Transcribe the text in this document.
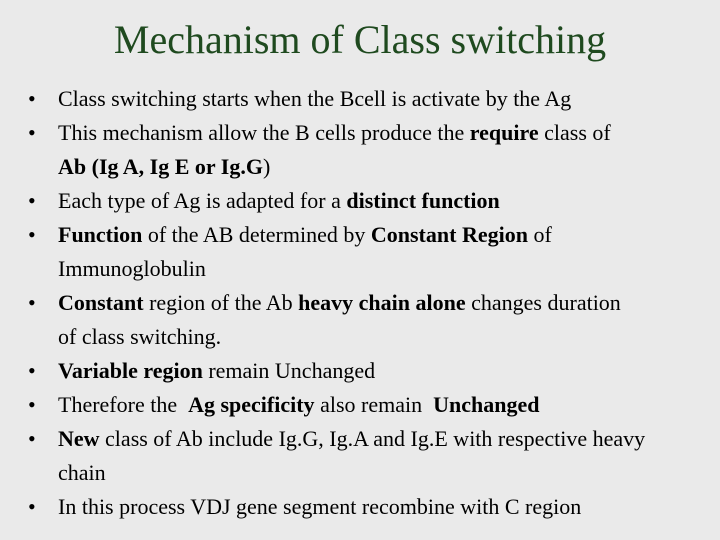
Mechanism of Class switching
• Class switching starts when the Bcell is activate by the Ag
• This mechanism allow the B cells produce the require class of
Ab (Ig A, Ig E or Ig.G)
• Each type of Ag is adapted for a distinct function
• Function of the AB determined by Constant Region of
Immunoglobulin
• Constant region of the Ab heavy chain alone changes duration
of class switching.
• Variable region remain Unchanged
• Therefore the  Ag specificity also remain  Unchanged
• New class of Ab include Ig.G, Ig.A and Ig.E with respective heavy
chain
• In this process VDJ gene segment recombine with C region
